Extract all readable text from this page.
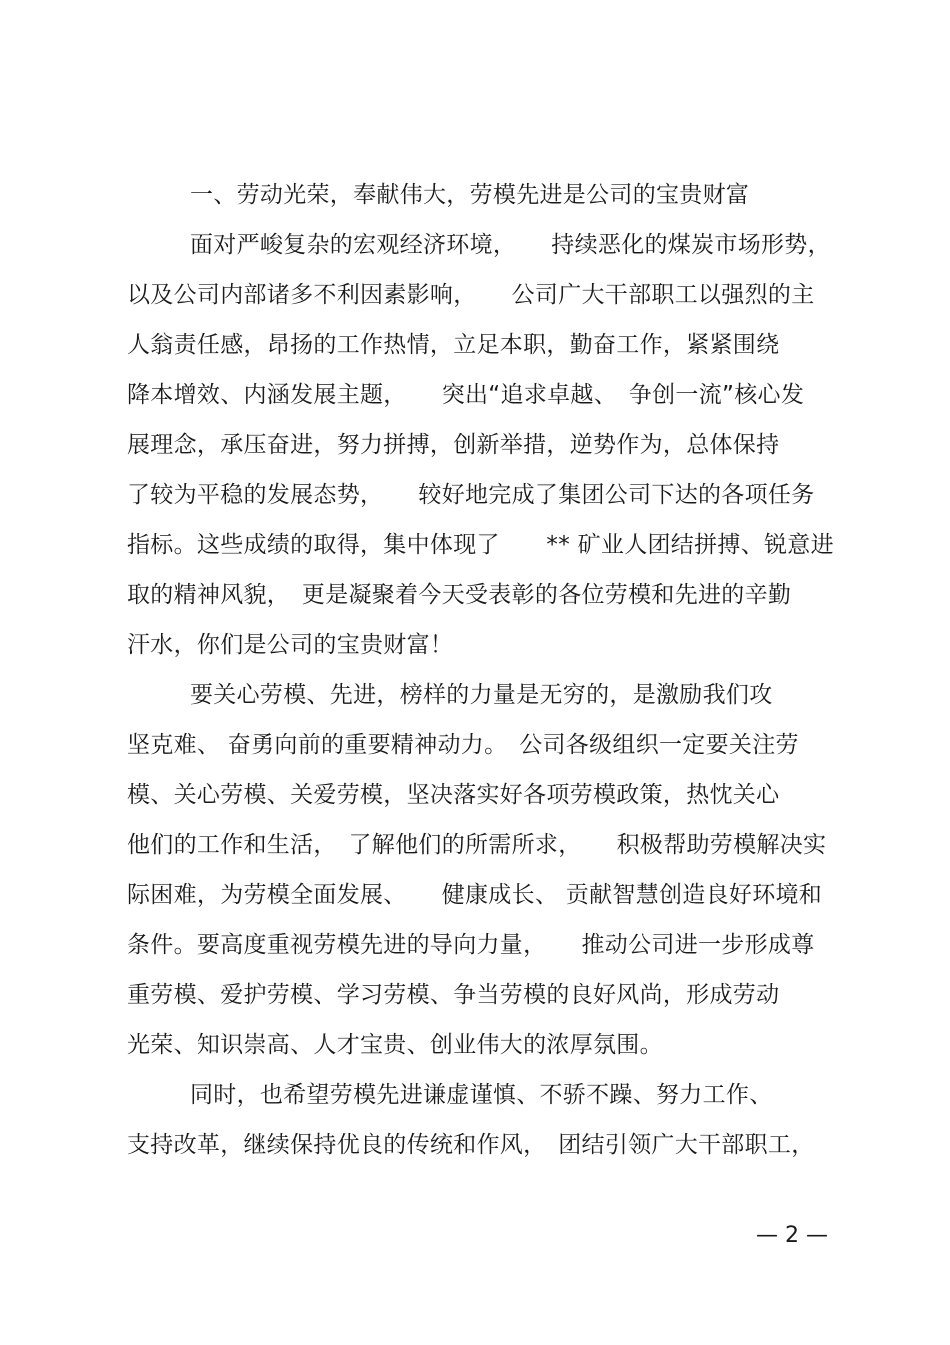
一、劳动光荣，奉献伟大，劳模先进是公司的宝贵财富
面对严峻复杂的宏观经济环境，　　持续恶化的煤炭市场形势，
以及公司内部诸多不利因素影响，　　公司广大干部职工以强烈的主
人翁责任感，昂扬的工作热情，立足本职，勤奋工作，紧紧围绕
降本增效、内涵发展主题，　　突出“追求卓越、　争创一流”核心发
展理念，承压奋进，努力拼搏，创新举措，逆势作为，总体保持
了较为平稳的发展态势，　　较好地完成了集团公司下达的各项任务
指标。这些成绩的取得，集中体现了　　** 矿业人团结拼搏、锐意进
取的精神风貌，　更是凝聚着今天受表彰的各位劳模和先进的辛勤
汗水，你们是公司的宝贵财富！
要关心劳模、先进，榜样的力量是无穷的，是激励我们攻
坚克难、 奋勇向前的重要精神动力。　公司各级组织一定要关注劳
模、关心劳模、关爱劳模，坚决落实好各项劳模政策，热忱关心
他们的工作和生活，　了解他们的所需所求，　　积极帮助劳模解决实
际困难，为劳模全面发展、　　健康成长、 贡献智慧创造良好环境和
条件。要高度重视劳模先进的导向力量，　　推动公司进一步形成尊
重劳模、爱护劳模、学习劳模、争当劳模的良好风尚，形成劳动
光荣、知识崇高、人才宝贵、创业伟大的浓厚氛围。
同时，也希望劳模先进谦虚谨慎、不骄不躁、努力工作、
支持改革，继续保持优良的传统和作风，　团结引领广大干部职工，
— 2 —
